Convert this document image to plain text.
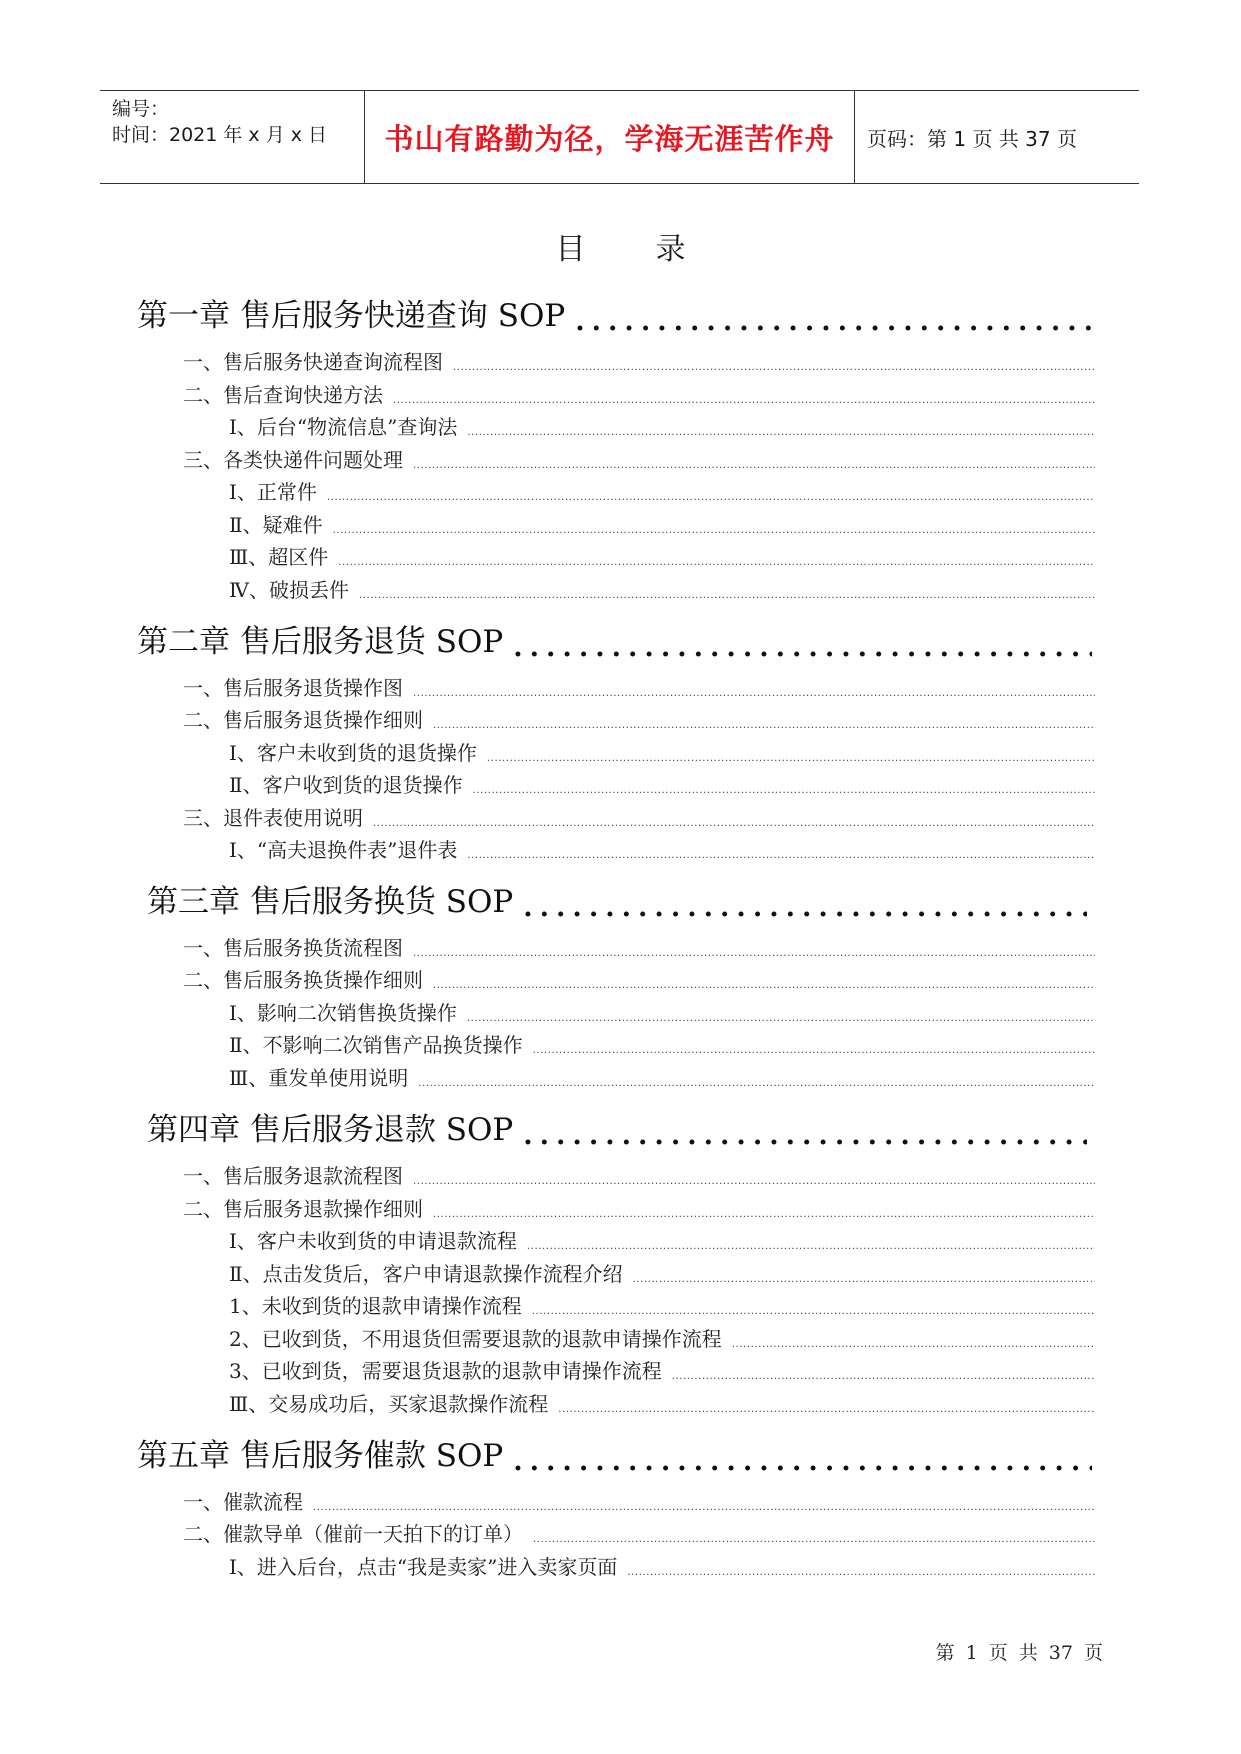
编号：
时间：2021 年 x 月 x 日 书山有路勤为径，学海无涯苦作舟 页码：第 1 页 共 37 页
目录
第一章 售后服务快递查询 SOP
.....
一、售后服务快递查询流程图
.....
二、售后查询快递方法
.....
Ⅰ、后台“物流信息”查询法
.....
三、各类快递件问题处理
.....
Ⅰ、正常件
.....
Ⅱ、疑难件
.....
Ⅲ、超区件
.....
Ⅳ、破损丢件
.....
第二章 售后服务退货 SOP
.....
一、售后服务退货操作图
.....
二、售后服务退货操作细则
.....
Ⅰ、客户未收到货的退货操作
.....
Ⅱ、客户收到货的退货操作
.....
三、退件表使用说明
.....
Ⅰ、“高夫退换件表”退件表
.....
第三章 售后服务换货 SOP
.....
一、售后服务换货流程图
.....
二、售后服务换货操作细则
.....
Ⅰ、影响二次销售换货操作
.....
Ⅱ、不影响二次销售产品换货操作
.....
Ⅲ、重发单使用说明
.....
第四章 售后服务退款 SOP
.....
一、售后服务退款流程图
.....
二、售后服务退款操作细则
.....
Ⅰ、客户未收到货的申请退款流程
.....
Ⅱ、点击发货后，客户申请退款操作流程介绍
.....
1、未收到货的退款申请操作流程
.....
2、已收到货，不用退货但需要退款的退款申请操作流程
.....
3、已收到货，需要退货退款的退款申请操作流程
.....
Ⅲ、交易成功后，买家退款操作流程
.....
第五章 售后服务催款 SOP
.....
一、催款流程
.....
二、催款导单（催前一天拍下的订单）
.....
Ⅰ、进入后台，点击“我是卖家”进入卖家页面
.....
第 1 页 共 37 页
